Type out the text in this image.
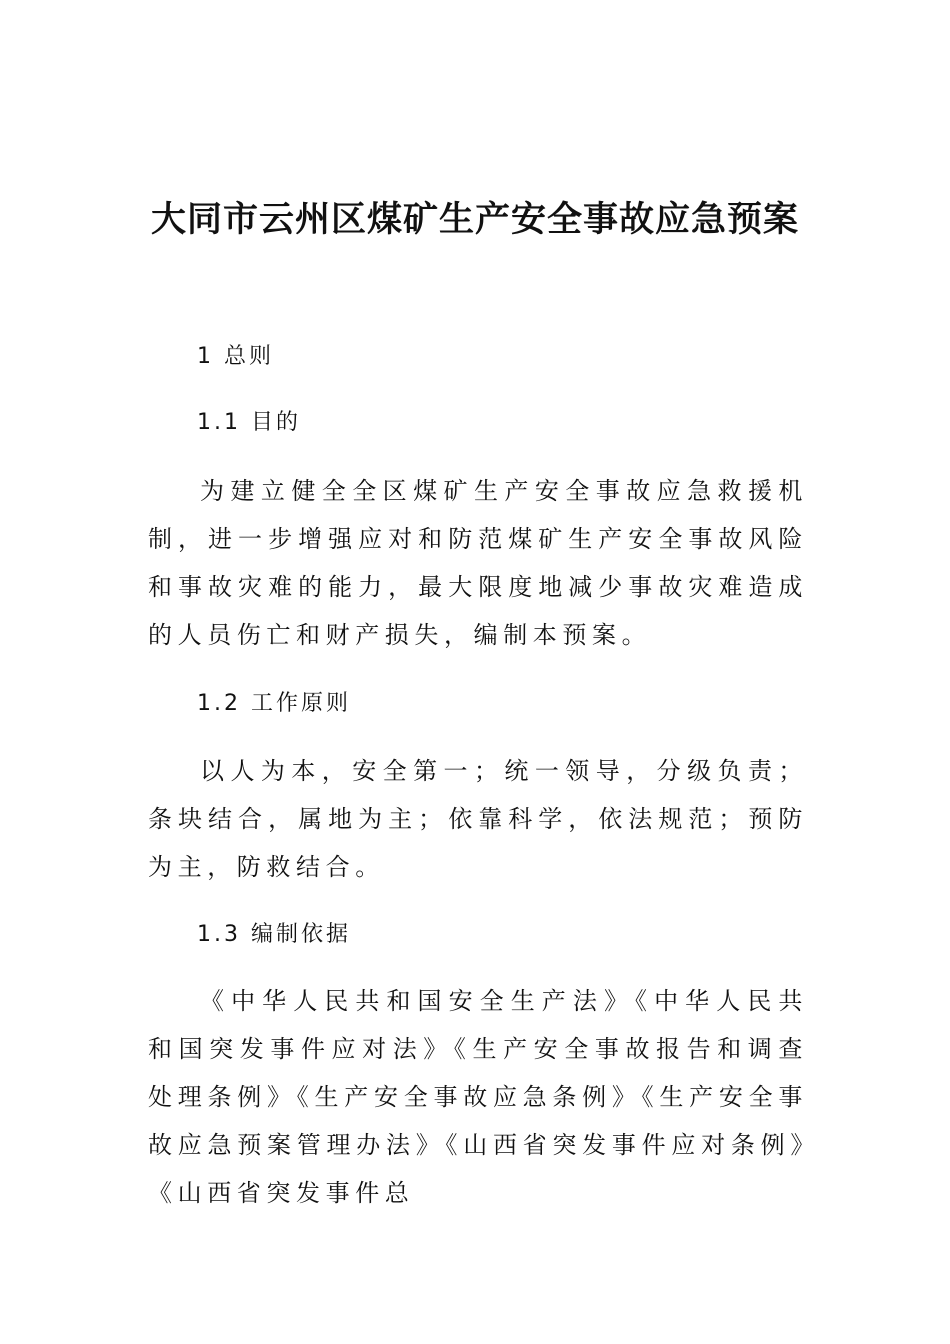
大同市云州区煤矿生产安全事故应急预案

1 总则

1.1 目的

为建立健全全区煤矿生产安全事故应急救援机制，进一步增强应对和防范煤矿生产安全事故风险和事故灾难的能力，最大限度地减少事故灾难造成的人员伤亡和财产损失，编制本预案。

1.2 工作原则

以人为本，安全第一；统一领导，分级负责；条块结合，属地为主；依靠科学，依法规范；预防为主，防救结合。

1.3 编制依据

《中华人民共和国安全生产法》《中华人民共和国突发事件应对法》《生产安全事故报告和调查处理条例》《生产安全事故应急条例》《生产安全事故应急预案管理办法》《山西省突发事件应对条例》《山西省突发事件总
